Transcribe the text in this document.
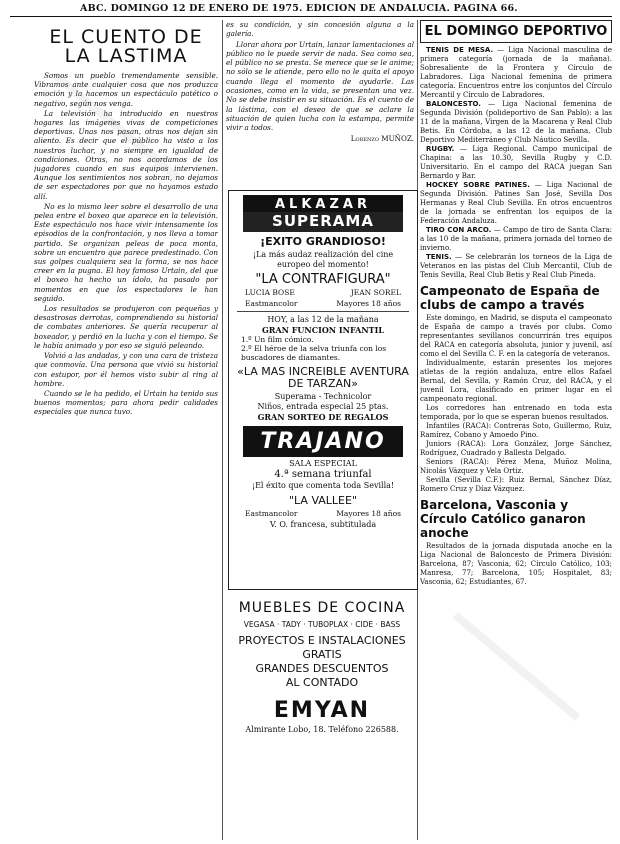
ABC. DOMINGO 12 DE ENERO DE 1975. EDICION DE ANDALUCIA. PAGINA 66.
EL CUENTO DE LA LASTIMA

Somos un pueblo tremendamente sensible. Vibramos ante cualquier cosa que nos produzca emoción y la hacemos un espectáculo patético o negativo, según nos venga.

La televisión ha introducido en nuestros hogares las imágenes vivas de competiciones deportivas. Unas nos pasan, otras nos dejan sin aliento. Es decir que el público ha visto a los nuestros luchar, y no siempre en igualdad de condiciones. Otras, no nos acordamos de los jugadores cuando en sus equipos intervienen. Aunque los sentimientos nos sobran, no dejamos de ser espectadores por que no hayamos estado allí.

No es lo mismo leer sobre el desarrollo de una pelea entre el boxeo que aparece en la televisión. Este espectáculo nos hace vivir intensamente los episodios de la confrontación, y nos lleva a tomar partido. Se organizan peleas de poca monta, sobre un encuentro que parece predestinado. Con sus golpes cualquiera sea la forma, se nos hace creer en la pugna. El hoy famoso Urtain, del que el boxeo ha hecho un ídolo, ha pasado por momentos en que los espectadores le han seguido.

Los resultados se produjeron con pequeñas y desastrosas derrotas, comprendiendo su historial de combates anteriores. Se quería recuperar al boxeador, y perdió en la lucha y con el tiempo. Se le había animado y por eso se siguió peleando.

Volvió a las andadas, y con una cara de tristeza que conmovía. Una persona que vivió su historial con estupor, por él hemos visto subir al ring al hombre.

Cuando se le ha pedido, el Urtain ha tenido sus buenos momentos; para ahora pedir calidades especiales que nunca tuvo.

es su condición, y sin concesión alguna a la galería.

Llorar ahora por Urtain, lanzar lamentaciones al público no le puede servir de nada. Sea como sea, el público no se presta. Se merece que se le anime; no sólo se le atiende, pero ello no le quita el apoyo cuando llega el momento de ayudarle. Las ocasiones, como en la vida, se presentan una vez. No se debe insistir en su situación. Es el cuento de la lástima, con el deseo de que se aclare la situación de quien lucha con la estampa, permite vivir a todos.

Lorenzo MUÑOZ.

ALKAZAR
SUPERAMA
¡EXITO GRANDIOSO!
¡La más audaz realización del cine europeo del momento!
"LA CONTRAFIGURA"
LUCIA BOSE	JEAN SOREL
Eastmancolor	Mayores 18 años
HOY, a las 12 de la mañana
GRAN FUNCION INFANTIL
1.º Un film cómico.
2.º El héroe de la selva triunfa con los buscadores de diamantes.
«LA MAS INCREIBLE AVENTURA DE TARZAN»
Superama - Technicolor
Niños, entrada especial 25 ptas.
GRAN SORTEO DE REGALOS
TRAJANO
SALA ESPECIAL
4.ª semana triunfal
¡El éxito que comenta toda Sevilla!
"LA VALLEE"
Eastmancolor	Mayores 18 años
V. O. francesa, subtitulada
MUEBLES DE COCINA
VEGASA · TADY · TUBOPLAX · CIDE · BASS
PROYECTOS E INSTALACIONES
GRATIS
GRANDES DESCUENTOS
AL CONTADO
EMYAN
Almirante Lobo, 18. Teléfono 226588.
EL DOMINGO DEPORTIVO

TENIS DE MESA. — Liga Nacional masculina de primera categoría (jornada de la mañana). Sobresaliente de la Frontera y Círculo de Labradores. Liga Nacional femenina de primera categoría. Encuentros entre los conjuntos del Círculo Mercantil y Círculo de Labradores.

BALONCESTO. — Liga Nacional femenina de Segunda División (polideportivo de San Pablo): a las 11 de la mañana, Virgen de la Macarena y Real Club Betis. En Córdoba, a las 12 de la mañana, Club Deportivo Mediterráneo y Club Náutico Sevilla.

RUGBY. — Liga Regional. Campo municipal de Chapina: a las 10.30, Sevilla Rugby y C.D. Universitario. En el campo del RACA juegan San Bernardo y Bar.

HOCKEY SOBRE PATINES. — Liga Nacional de Segunda División. Patines San José, Sevilla Dos Hermanas y Real Club Sevilla. En otros encuentros de la jornada se enfrentan los equipos de la Federación Andaluza.

TIRO CON ARCO. — Campo de tiro de Santa Clara: a las 10 de la mañana, primera jornada del torneo de invierno.

TENIS. — Se celebrarán los torneos de la Liga de Veteranos en las pistas del Club Mercantil, Club de Tenis Sevilla, Real Club Betis y Real Club Pineda.

Campeonato de España de clubs de campo a través

Este domingo, en Madrid, se disputa el campeonato de España de campo a través por clubs. Como representantes sevillanos concurrirán tres equipos del RACA en categoría absoluta, junior y juvenil, así como el del Sevilla C. F. en la categoría de veteranos.

Individualmente, estarán presentes los mejores atletas de la región andaluza, entre ellos Rafael Bernal, del Sevilla, y Ramón Cruz, del RACA, y el juvenil Lora, clasificado en primer lugar en el campeonato regional.

Los corredores han entrenado en toda esta temporada, por lo que se esperan buenos resultados.

Infantiles (RACA): Contreras Soto, Guillermo, Ruiz, Ramírez, Cobano y Amoedo Pino.

Juniors (RACA): Lora González, Jorge Sánchez, Rodríguez, Cuadrado y Ballesta Delgado.

Seniors (RACA): Pérez Mena, Muñoz Molina, Nicolás Vázquez y Vela Ortiz.

Sevilla (Sevilla C.F.): Ruiz Bernal, Sánchez Díaz, Romero Cruz y Díaz Vázquez.

Barcelona, Vasconia y Círculo Católico ganaron anoche

Resultados de la jornada disputada anoche en la Liga Nacional de Baloncesto de Primera División: Barcelona, 87; Vasconia, 62; Círculo Católico, 103; Manresa, 77; Barcelona, 105; Hospitalet, 83; Vasconia, 62; Estudiantes, 67.
